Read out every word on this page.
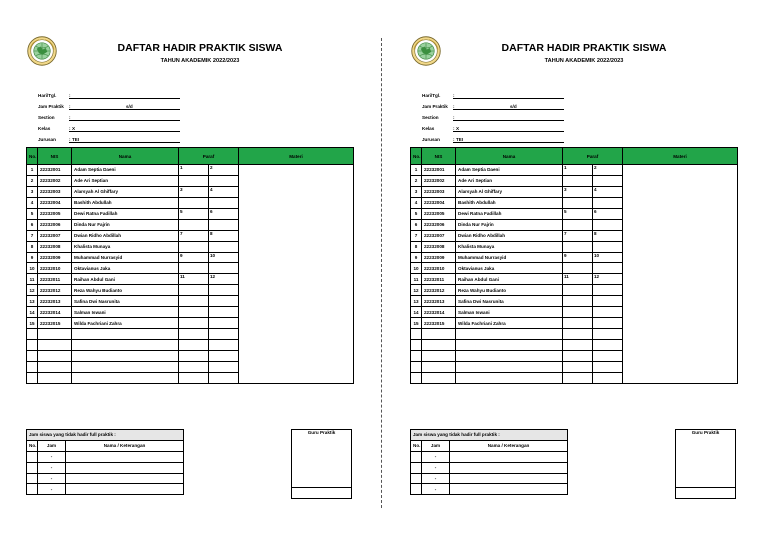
DAFTAR HADIR PRAKTIK SISWA
TAHUN AKADEMIK 2022/2023
Hari/Tgl.	:
Jam Praktik :	s/d
Section	:
Kelas	: X
Jurusan	: TEI
No.	NIS	Nama	Paraf		Materi
1	22232001	Adam Septia Daeni	1	2	
2	22232002	Ade Ari Septian			
3	22232003	Alarsyah Al Ghiffary	3	4	
4	22232004	Bashith Abdullah			
5	22232005	Dewi Ratna Fadillah	5	6	
6	22232006	Dinda Nur Fajrin			
7	22232007	Dwian Ridho Abdillah	7	8	
8	22232008	Khalista Munaya			
9	22232009	Muhammad Nurrasyid	9	10	
10	22232010	Oktavianus Jaka			
11	22232011	Raihan Abdul Gani	11	12	
12	22232012	Reza Wahyu Budianto			
13	22232013	Safina Dwi Nasrunita			
14	22232014	Salman Iswani			
15	22232015	Wilda Fachriani Zahra			

Jam siswa yang tidak hadir full praktik :		
No.	Jam	Nama / Keterangan
	-	
	-	
	-	
	-	
Guru Praktik

DAFTAR HADIR PRAKTIK SISWA
TAHUN AKADEMIK 2022/2023
Hari/Tgl.	:
Jam Praktik :	s/d
Section	:
Kelas	: X
Jurusan	: TEI
No.	NIS	Nama	Paraf		Materi
1	22232001	Adam Septia Daeni	1	2	
2	22232002	Ade Ari Septian			
3	22232003	Alarsyah Al Ghiffary	3	4	
4	22232004	Bashith Abdullah			
5	22232005	Dewi Ratna Fadillah	5	6	
6	22232006	Dinda Nur Fajrin			
7	22232007	Dwian Ridho Abdillah	7	8	
8	22232008	Khalista Munaya			
9	22232009	Muhammad Nurrasyid	9	10	
10	22232010	Oktavianus Jaka			
11	22232011	Raihan Abdul Gani	11	12	
12	22232012	Reza Wahyu Budianto			
13	22232013	Safina Dwi Nasrunita			
14	22232014	Salman Iswani			
15	22232015	Wilda Fachriani Zahra			

Jam siswa yang tidak hadir full praktik :		
No.	Jam	Nama / Keterangan
	-	
	-	
	-	
	-	
Guru Praktik
